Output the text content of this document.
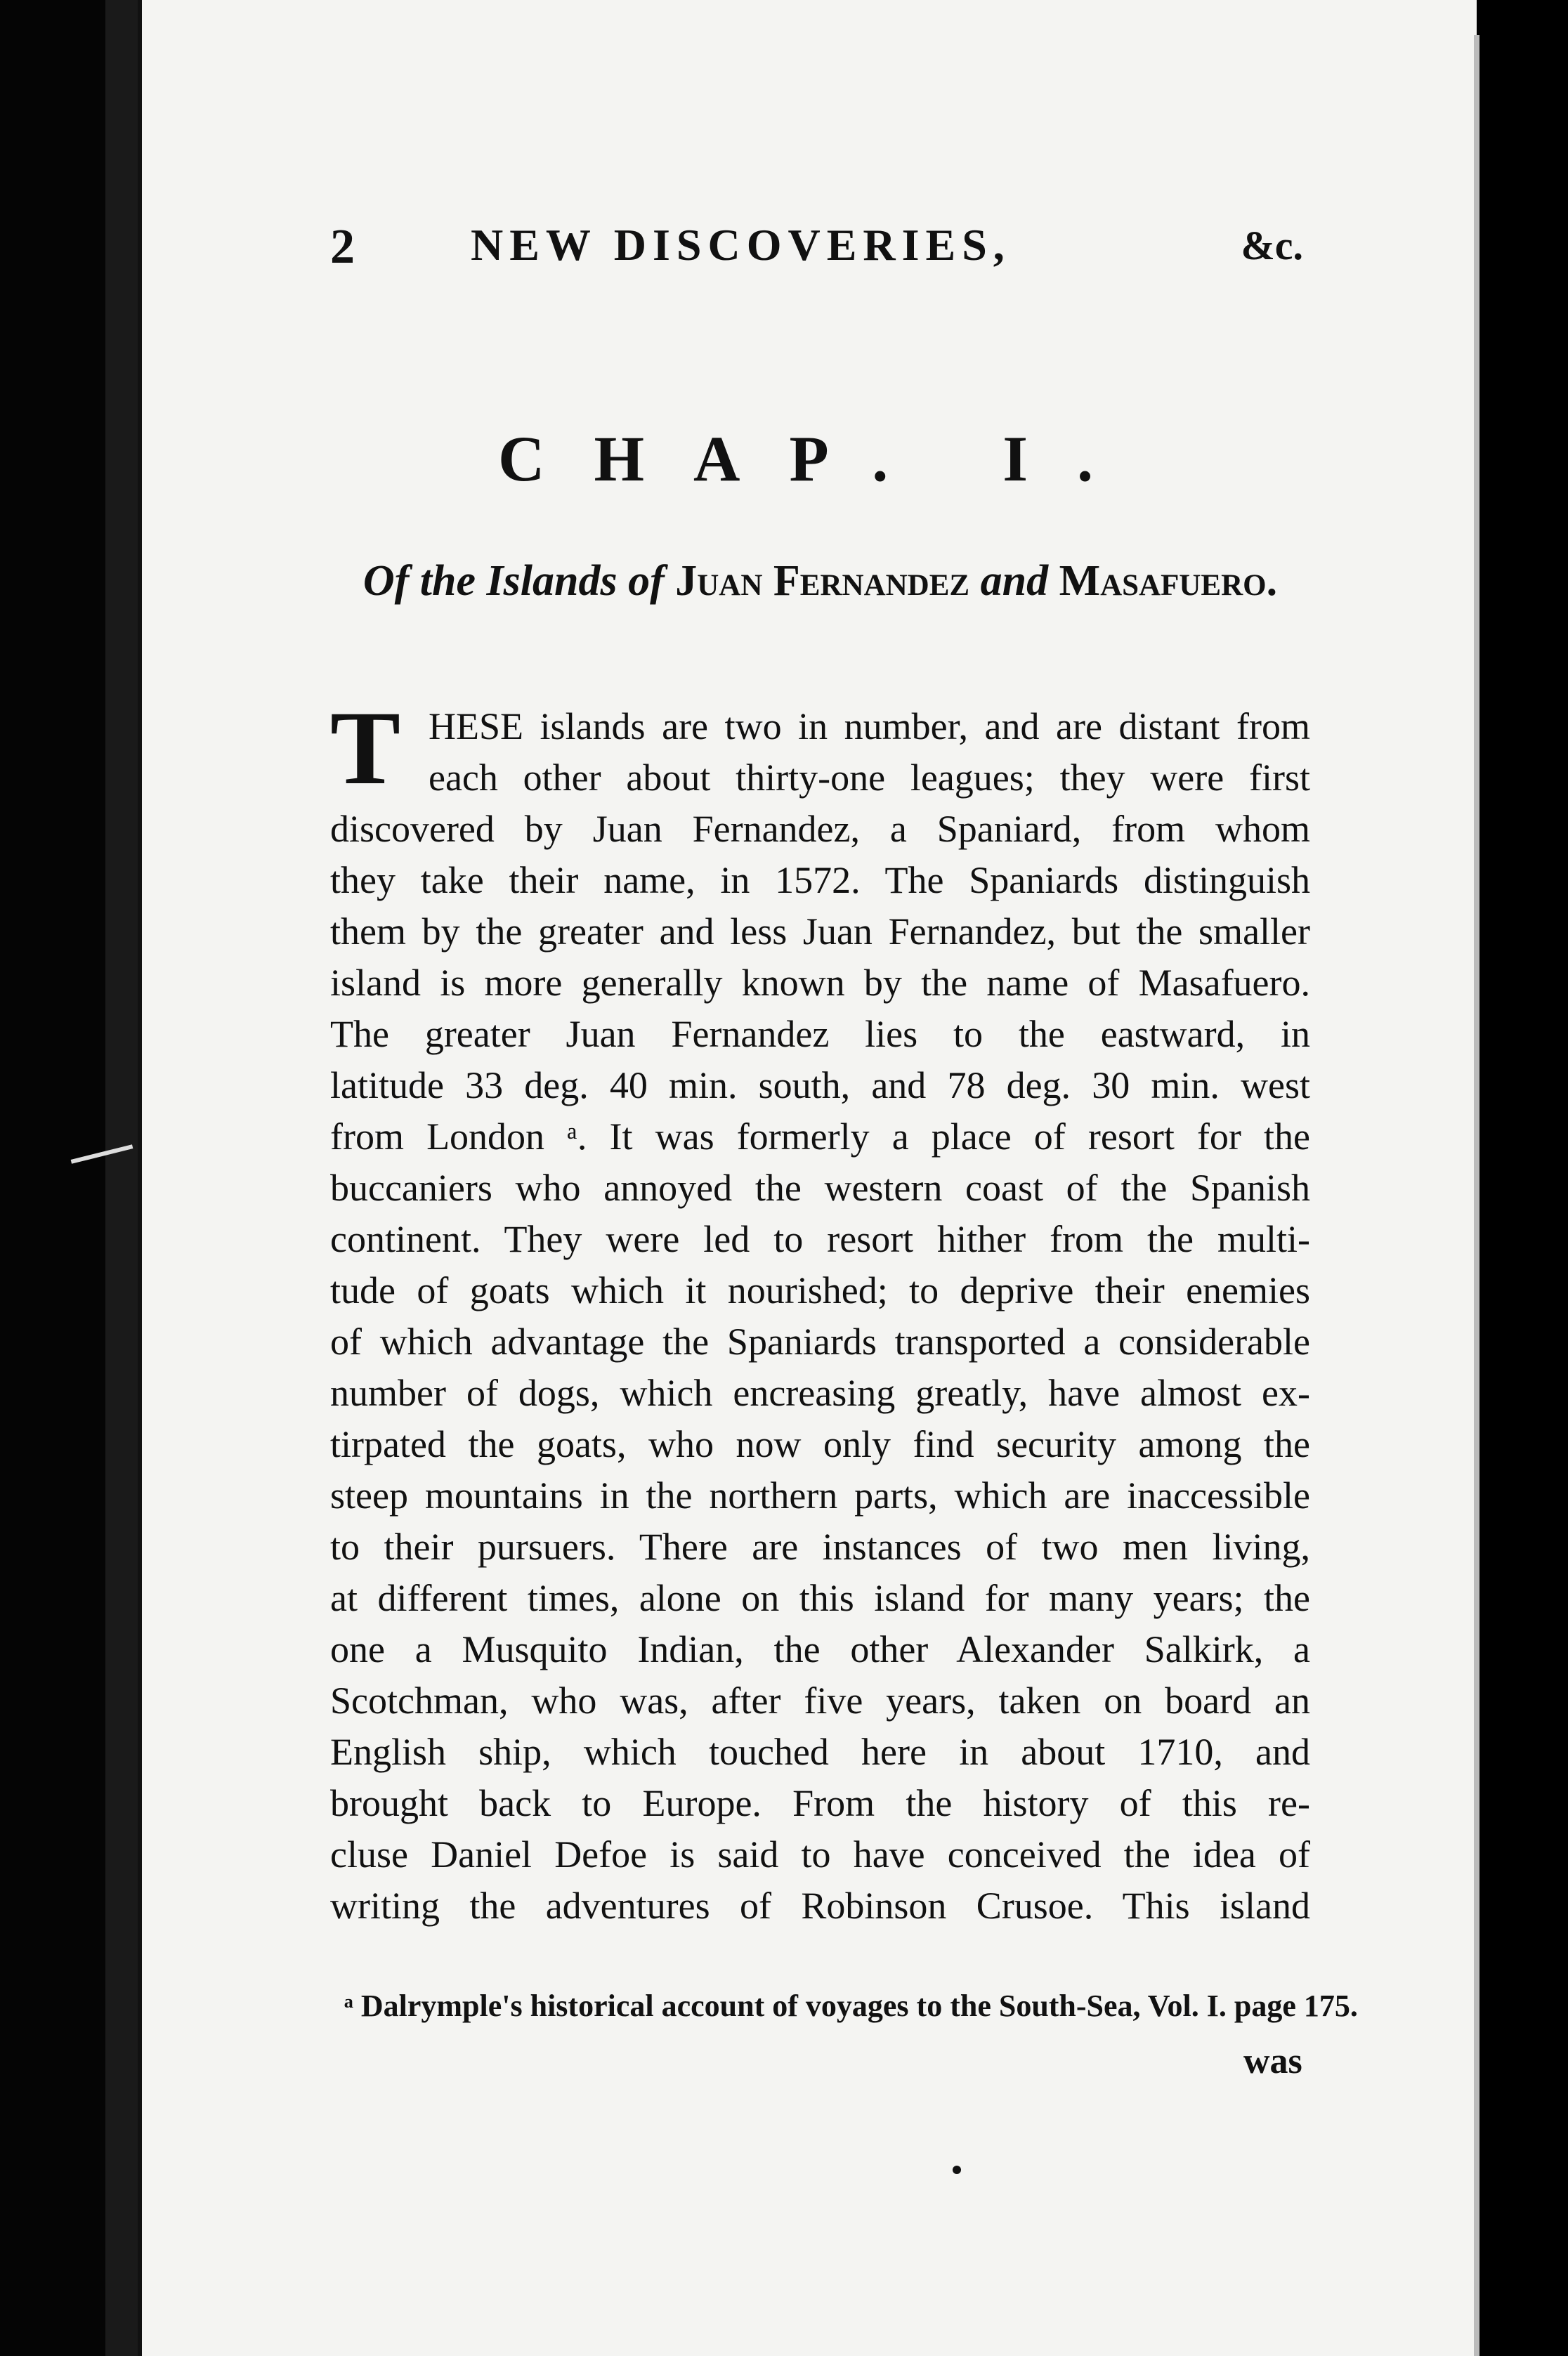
2	NEW DISCOVERIES,	&c.
CHAP. I.
Of the Islands of Juan Fernandez and Masafuero.
T HESE islands are two in number, and are distant from
each other about thirty-one leagues; they were first
discovered by Juan Fernandez, a Spaniard, from whom
they take their name, in 1572. The Spaniards distinguish
them by the greater and less Juan Fernandez, but the smaller
island is more generally known by the name of Masafuero.
The greater Juan Fernandez lies to the eastward, in
latitude 33 deg. 40 min. south, and 78 deg. 30 min. west
from London ᵃ. It was formerly a place of resort for the
buccaniers who annoyed the western coast of the Spanish
continent. They were led to resort hither from the multi-
tude of goats which it nourished; to deprive their enemies
of which advantage the Spaniards transported a considerable
number of dogs, which encreasing greatly, have almost ex-
tirpated the goats, who now only find security among the
steep mountains in the northern parts, which are inaccessible
to their pursuers. There are instances of two men living,
at different times, alone on this island for many years; the
one a Musquito Indian, the other Alexander Salkirk, a
Scotchman, who was, after five years, taken on board an
English ship, which touched here in about 1710, and
brought back to Europe. From the history of this re-
cluse Daniel Defoe is said to have conceived the idea of
writing the adventures of Robinson Crusoe. This island
ᵃ Dalrymple's historical account of voyages to the South-Sea, Vol. I. page 175.
was
